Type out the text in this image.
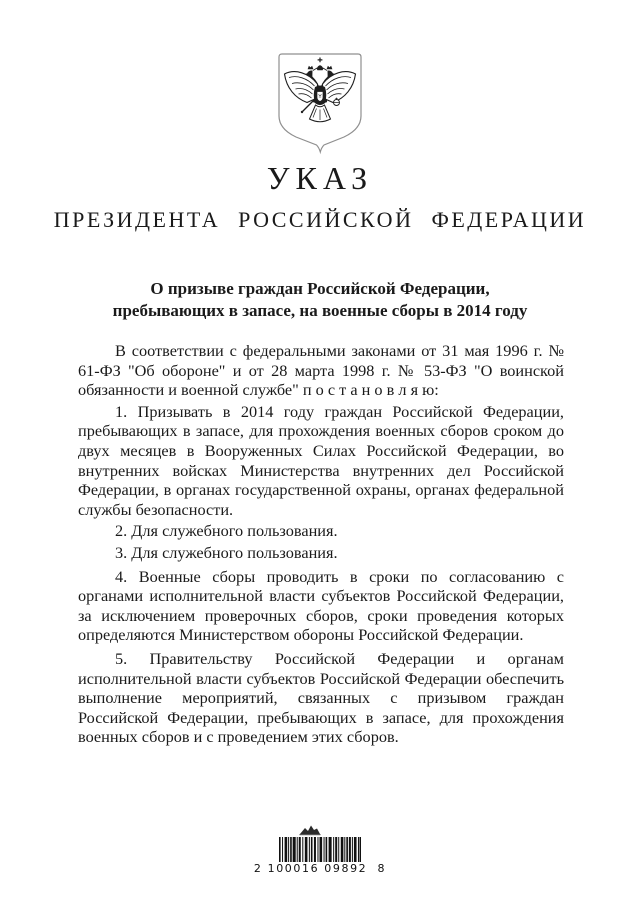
УКАЗ
ПРЕЗИДЕНТА РОССИЙСКОЙ ФЕДЕРАЦИИ
О призыве граждан Российской Федерации,
пребывающих в запасе, на военные сборы в 2014 году

В соответствии с федеральными законами от 31 мая 1996 г. № 61-ФЗ "Об обороне" и от 28 марта 1998 г. № 53-ФЗ "О воинской обязанности и военной службе" п о с т а н о в л я ю:

1. Призывать в 2014 году граждан Российской Федерации, пребывающих в запасе, для прохождения военных сборов сроком до двух месяцев в Вооруженных Силах Российской Федерации, во внутренних войсках Министерства внутренних дел Российской Федерации, в органах государственной охраны, органах федеральной службы безопасности.

2. Для служебного пользования.

3. Для служебного пользования.

4. Военные сборы проводить в сроки по согласованию с органами исполнительной власти субъектов Российской Федерации, за исключением проверочных сборов, сроки проведения которых определяются Министерством обороны Российской Федерации.

5. Правительству Российской Федерации и органам исполнительной власти субъектов Российской Федерации обеспечить выполнение мероприятий, связанных с призывом граждан Российской Федерации, пребывающих в запасе, для прохождения военных сборов и с проведением этих сборов.

2 100016 09892  8
